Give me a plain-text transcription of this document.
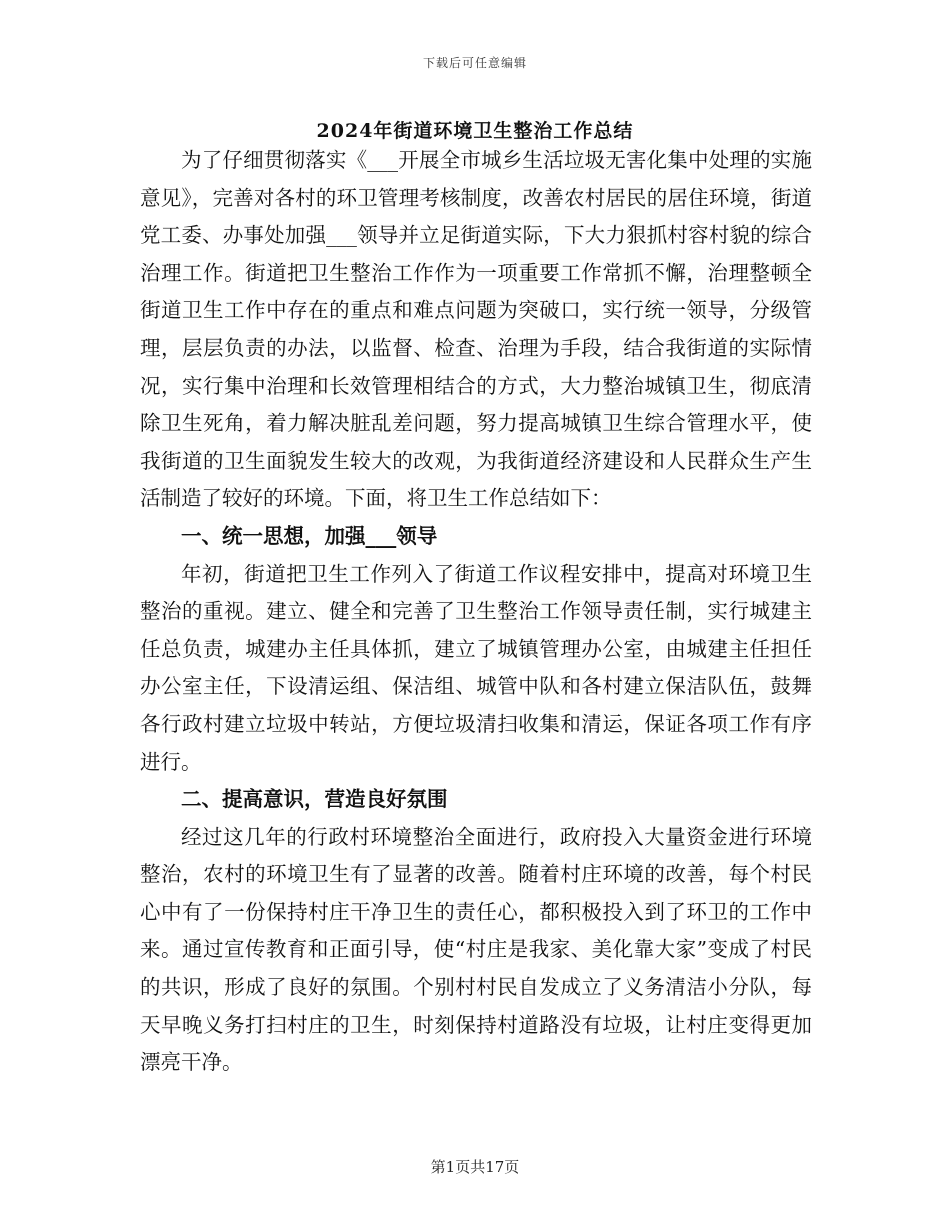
下载后可任意编辑
2024年街道环境卫生整治工作总结

为了仔细贯彻落实《___开展全市城乡生活垃圾无害化集中处理的实施意见》，完善对各村的环卫管理考核制度，改善农村居民的居住环境，街道党工委、办事处加强___领导并立足街道实际，下大力狠抓村容村貌的综合治理工作。街道把卫生整治工作作为一项重要工作常抓不懈，治理整顿全街道卫生工作中存在的重点和难点问题为突破口，实行统一领导，分级管理，层层负责的办法，以监督、检查、治理为手段，结合我街道的实际情况，实行集中治理和长效管理相结合的方式，大力整治城镇卫生，彻底清除卫生死角，着力解决脏乱差问题，努力提高城镇卫生综合管理水平，使我街道的卫生面貌发生较大的改观，为我街道经济建设和人民群众生产生活制造了较好的环境。下面，将卫生工作总结如下：

一、统一思想，加强___领导

年初，街道把卫生工作列入了街道工作议程安排中，提高对环境卫生整治的重视。建立、健全和完善了卫生整治工作领导责任制，实行城建主任总负责，城建办主任具体抓，建立了城镇管理办公室，由城建主任担任办公室主任，下设清运组、保洁组、城管中队和各村建立保洁队伍，鼓舞各行政村建立垃圾中转站，方便垃圾清扫收集和清运，保证各项工作有序进行。

二、提高意识，营造良好氛围

经过这几年的行政村环境整治全面进行，政府投入大量资金进行环境整治，农村的环境卫生有了显著的改善。随着村庄环境的改善，每个村民心中有了一份保持村庄干净卫生的责任心，都积极投入到了环卫的工作中来。通过宣传教育和正面引导，使“村庄是我家、美化靠大家”变成了村民的共识，形成了良好的氛围。个别村村民自发成立了义务清洁小分队，每天早晚义务打扫村庄的卫生，时刻保持村道路没有垃圾，让村庄变得更加漂亮干净。

第1页共17页
